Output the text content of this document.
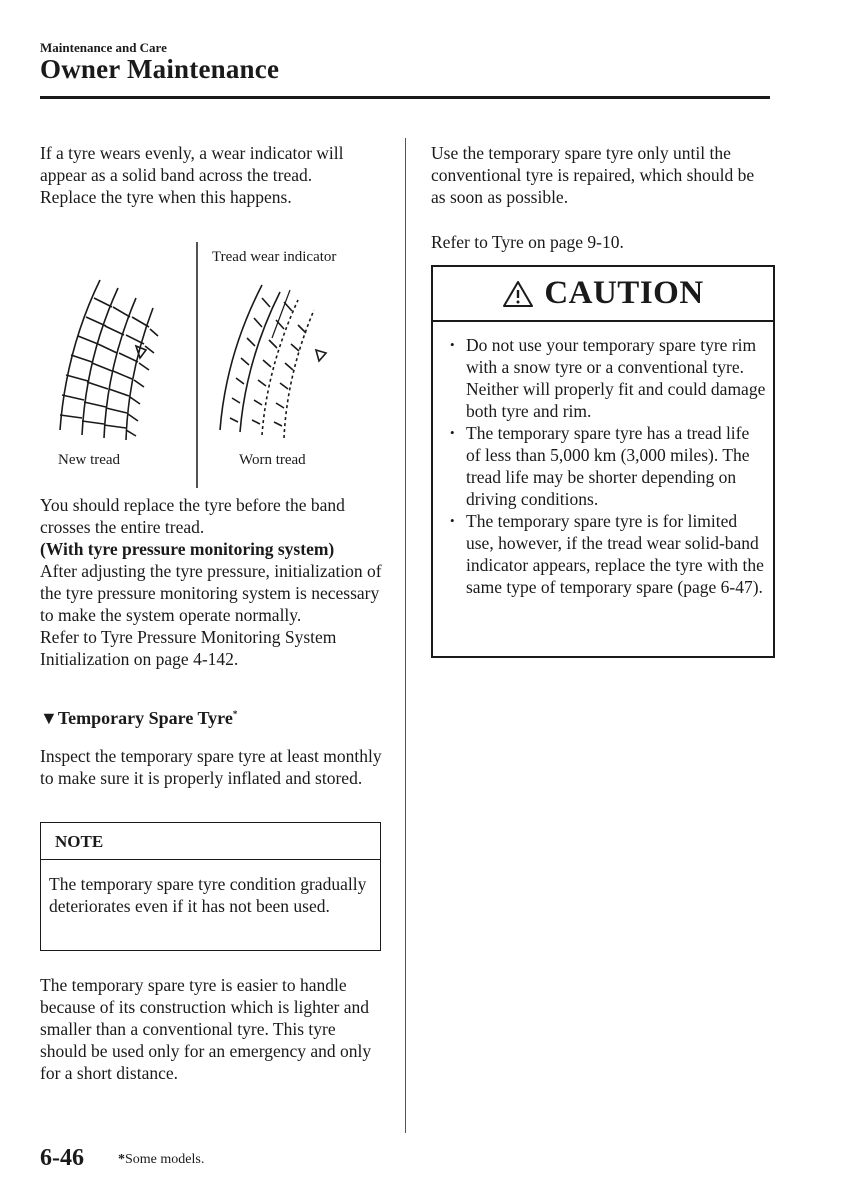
Maintenance and Care
Owner Maintenance

If a tyre wears evenly, a wear indicator will appear as a solid band across the tread.

Replace the tyre when this happens.

Tread wear indicator
New tread	Worn tread

You should replace the tyre before the band crosses the entire tread.

(With tyre pressure monitoring system)

After adjusting the tyre pressure, initialization of the tyre pressure monitoring system is necessary to make the system operate normally.

Refer to Tyre Pressure Monitoring System Initialization on page 4-142.

▼Temporary Spare Tyre*
Inspect the temporary spare tyre at least monthly to make sure it is properly inflated and stored.
NOTE
The temporary spare tyre condition gradually deteriorates even if it has not been used.
The temporary spare tyre is easier to handle because of its construction which is lighter and smaller than a conventional tyre. This tyre should be used only for an emergency and only for a short distance.
Use the temporary spare tyre only until the conventional tyre is repaired, which should be as soon as possible.
Refer to Tyre on page 9-10.
CAUTION
• Do not use your temporary spare tyre rim with a snow tyre or a conventional tyre. Neither will properly fit and could damage both tyre and rim.
• The temporary spare tyre has a tread life of less than 5,000 km (3,000 miles). The tread life may be shorter depending on driving conditions.
• The temporary spare tyre is for limited use, however, if the tread wear solid-band indicator appears, replace the tyre with the same type of temporary spare (page 6-47).
6-46 *Some models.
